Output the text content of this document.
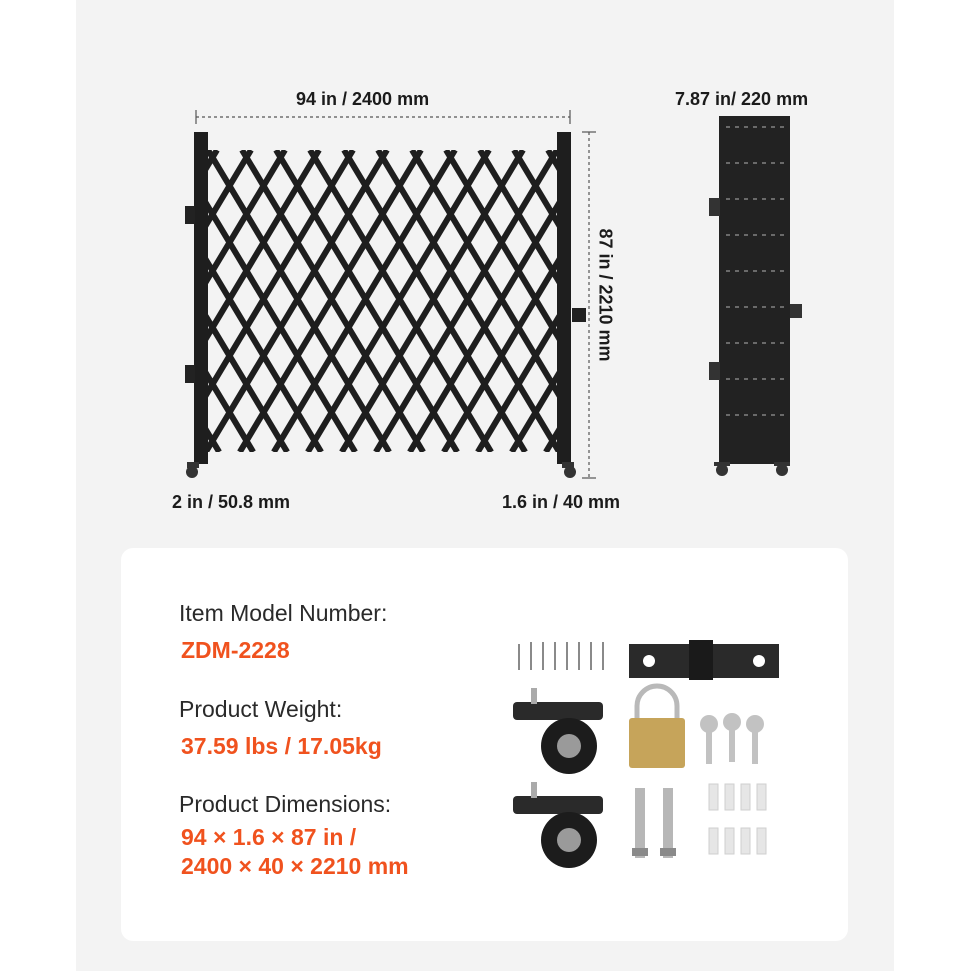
94 in / 2400 mm
87 in / 2210 mm
7.87 in/ 220 mm
2 in / 50.8 mm	1.6 in / 40 mm
Item Model Number:
ZDM-2228
Product Weight:
37.59 lbs / 17.05kg
Product Dimensions:
94 × 1.6 × 87 in /
2400 × 40 × 2210 mm
